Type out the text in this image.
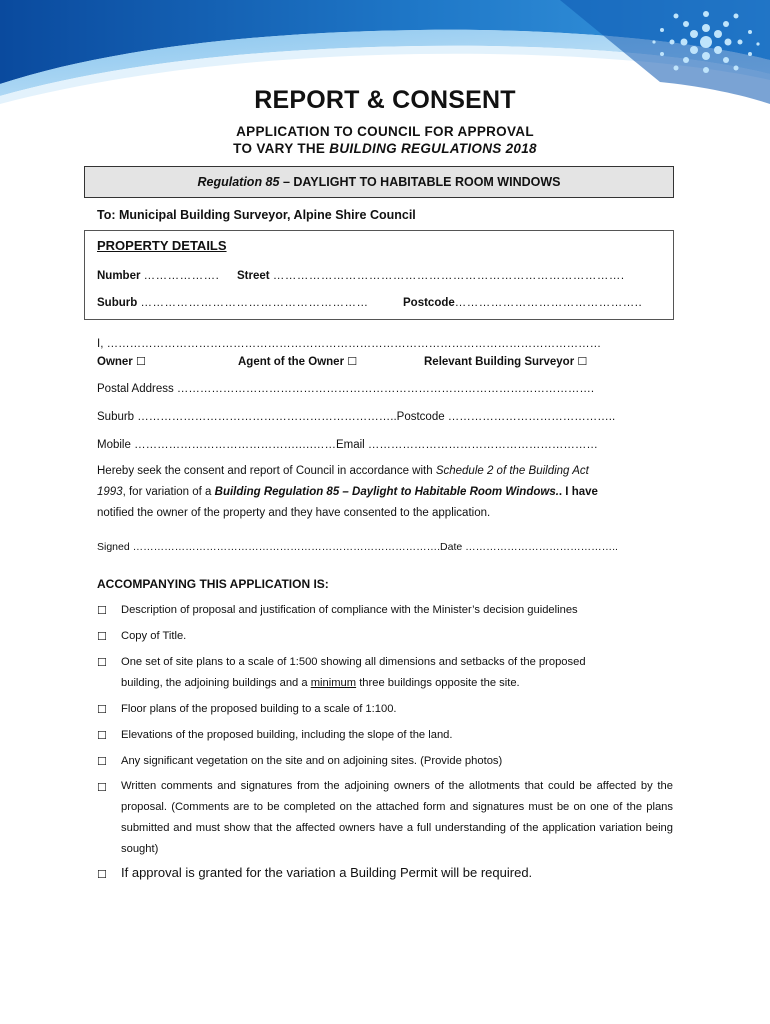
REPORT & CONSENT
APPLICATION TO COUNCIL FOR APPROVAL
TO VARY THE BUILDING REGULATIONS 2018
Regulation 85 – DAYLIGHT TO HABITABLE ROOM WINDOWS
To: Municipal Building Surveyor, Alpine Shire Council
PROPERTY DETAILS
Number ………………. Street …………………………………………………………………………….
Suburb …………………………………………………	Postcode………………………………………..
I, …………………………………………………………………………………………………………………
Owner ☐	Agent of the Owner ☐	Relevant Building Surveyor ☐
Postal Address ……………………………………………………………………………………………….
Suburb …………………………………………………………..Postcode ……………………………………..
Mobile …………………………………….….……Email ……………………………………………………
Hereby seek the consent and report of Council in accordance with Schedule 2 of the Building Act
1993, for variation of a Building Regulation 85 – Daylight to Habitable Room Windows.. I have
notified the owner of the property and they have consented to the application.
Signed …………………………………………………………………………….Date ……………………………………..
ACCOMPANYING THIS APPLICATION IS:
☐ Description of proposal and justification of compliance with the Minister’s decision guidelines
☐ Copy of Title.
☐ One set of site plans to a scale of 1:500 showing all dimensions and setbacks of the proposed
building, the adjoining buildings and a minimum three buildings opposite the site.
☐ Floor plans of the proposed building to a scale of 1:100.
☐ Elevations of the proposed building, including the slope of the land.
☐ Any significant vegetation on the site and on adjoining sites. (Provide photos)
☐ Written comments and signatures from the adjoining owners of the allotments that could be affected by the proposal. (Comments are to be completed on the attached form and signatures must be on one of the plans submitted and must show that the affected owners have a full understanding of the application variation being sought)
☐ If approval is granted for the variation a Building Permit will be required.
